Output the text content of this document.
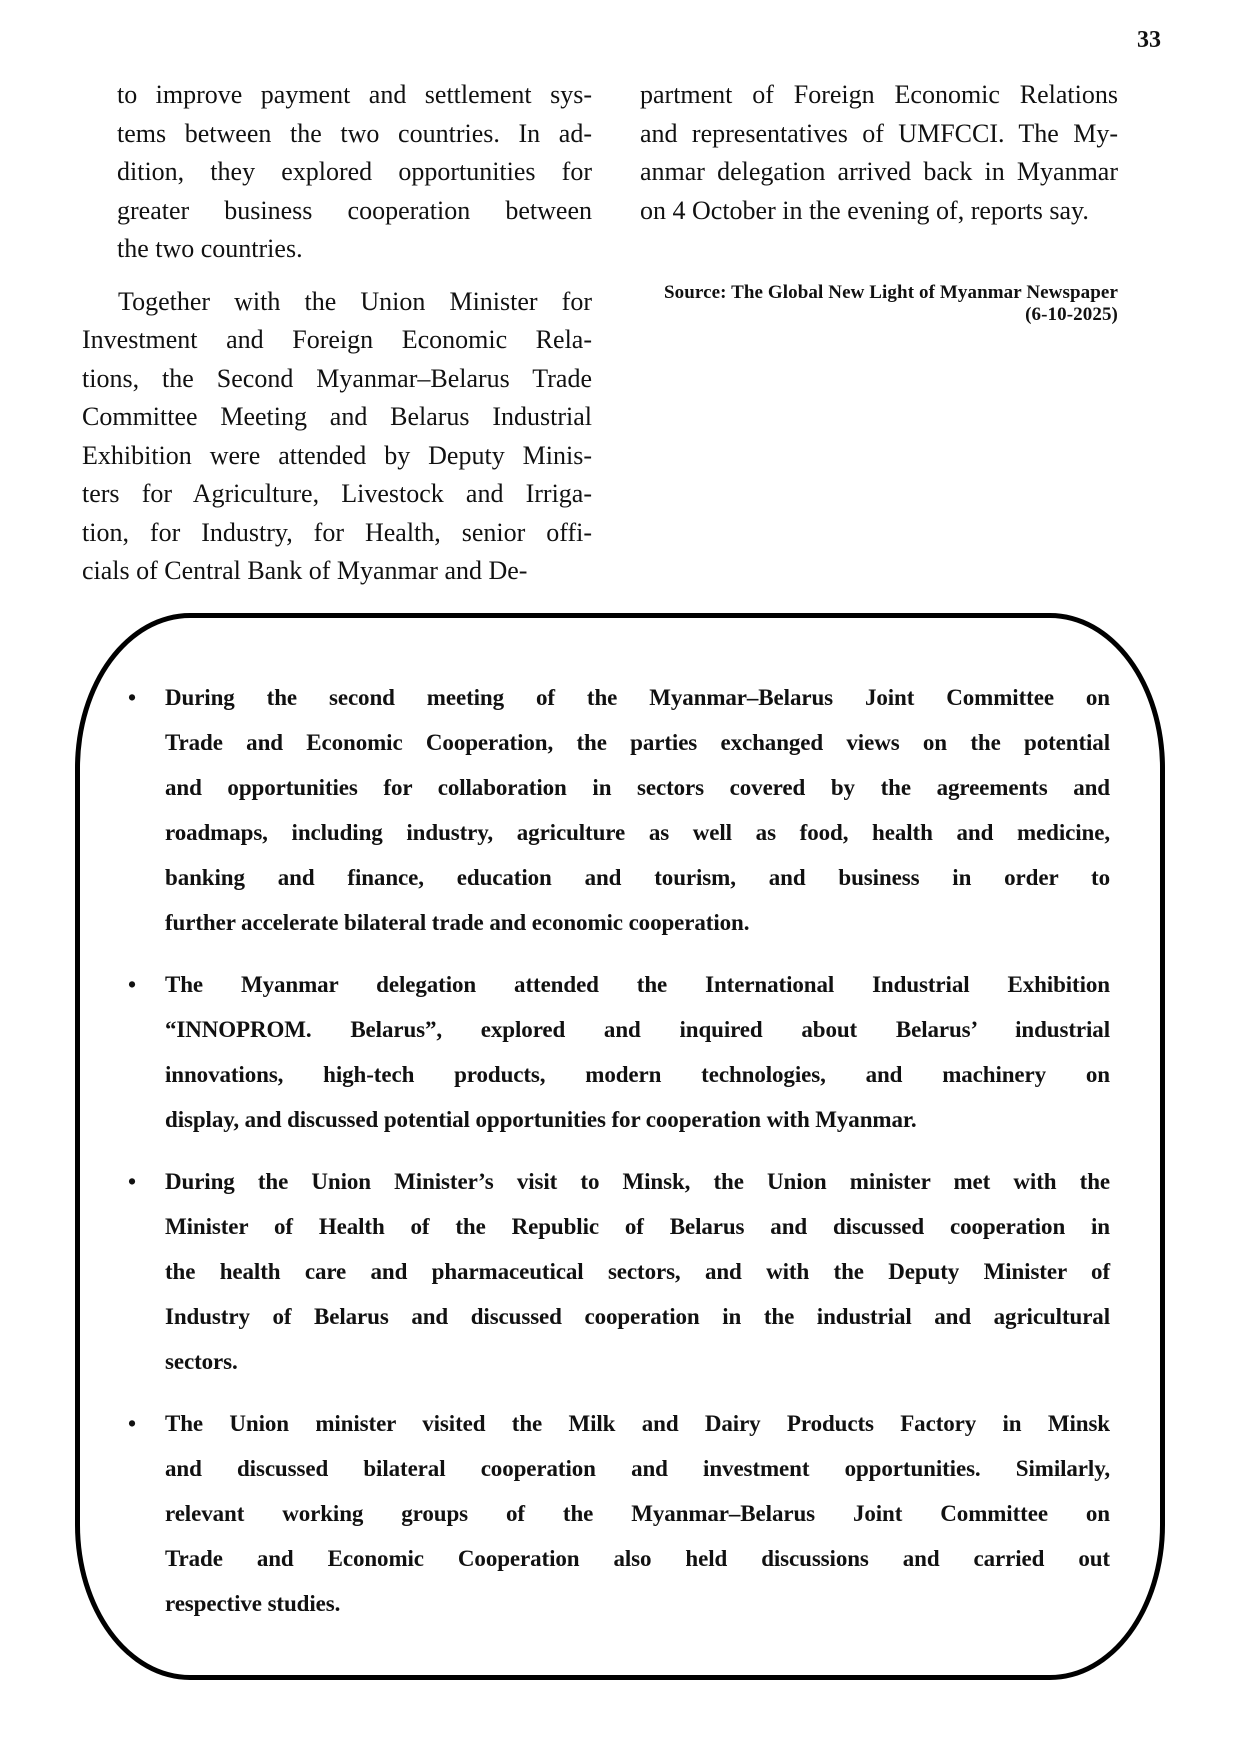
33
to improve payment and settlement sys-
tems between the two countries. In ad-
dition, they explored opportunities for
greater business cooperation between
the two countries.
Together with the Union Minister for
Investment and Foreign Economic Rela-
tions, the Second Myanmar–Belarus Trade
Committee Meeting and Belarus Industrial
Exhibition were attended by Deputy Minis-
ters for Agriculture, Livestock and Irriga-
tion, for Industry, for Health, senior offi-
cials of Central Bank of Myanmar and De-
partment of Foreign Economic Relations
and representatives of UMFCCI. The My-
anmar delegation arrived back in Myanmar
on 4 October in the evening of, reports say.
Source: The Global New Light of Myanmar Newspaper (6-10-2025)
• During the second meeting of the Myanmar–Belarus Joint Committee on
Trade and Economic Cooperation, the parties exchanged views on the potential
and opportunities for collaboration in sectors covered by the agreements and
roadmaps, including industry, agriculture as well as food, health and medicine,
banking and finance, education and tourism, and business in order to
further accelerate bilateral trade and economic cooperation.
• The Myanmar delegation attended the International Industrial Exhibition
“INNOPROM. Belarus”, explored and inquired about Belarus’ industrial
innovations, high-tech products, modern technologies, and machinery on
display, and discussed potential opportunities for cooperation with Myanmar.
• During the Union Minister’s visit to Minsk, the Union minister met with the
Minister of Health of the Republic of Belarus and discussed cooperation in
the health care and pharmaceutical sectors, and with the Deputy Minister of
Industry of Belarus and discussed cooperation in the industrial and agricultural
sectors.
• The Union minister visited the Milk and Dairy Products Factory in Minsk
and discussed bilateral cooperation and investment opportunities. Similarly,
relevant working groups of the Myanmar–Belarus Joint Committee on
Trade and Economic Cooperation also held discussions and carried out
respective studies.
